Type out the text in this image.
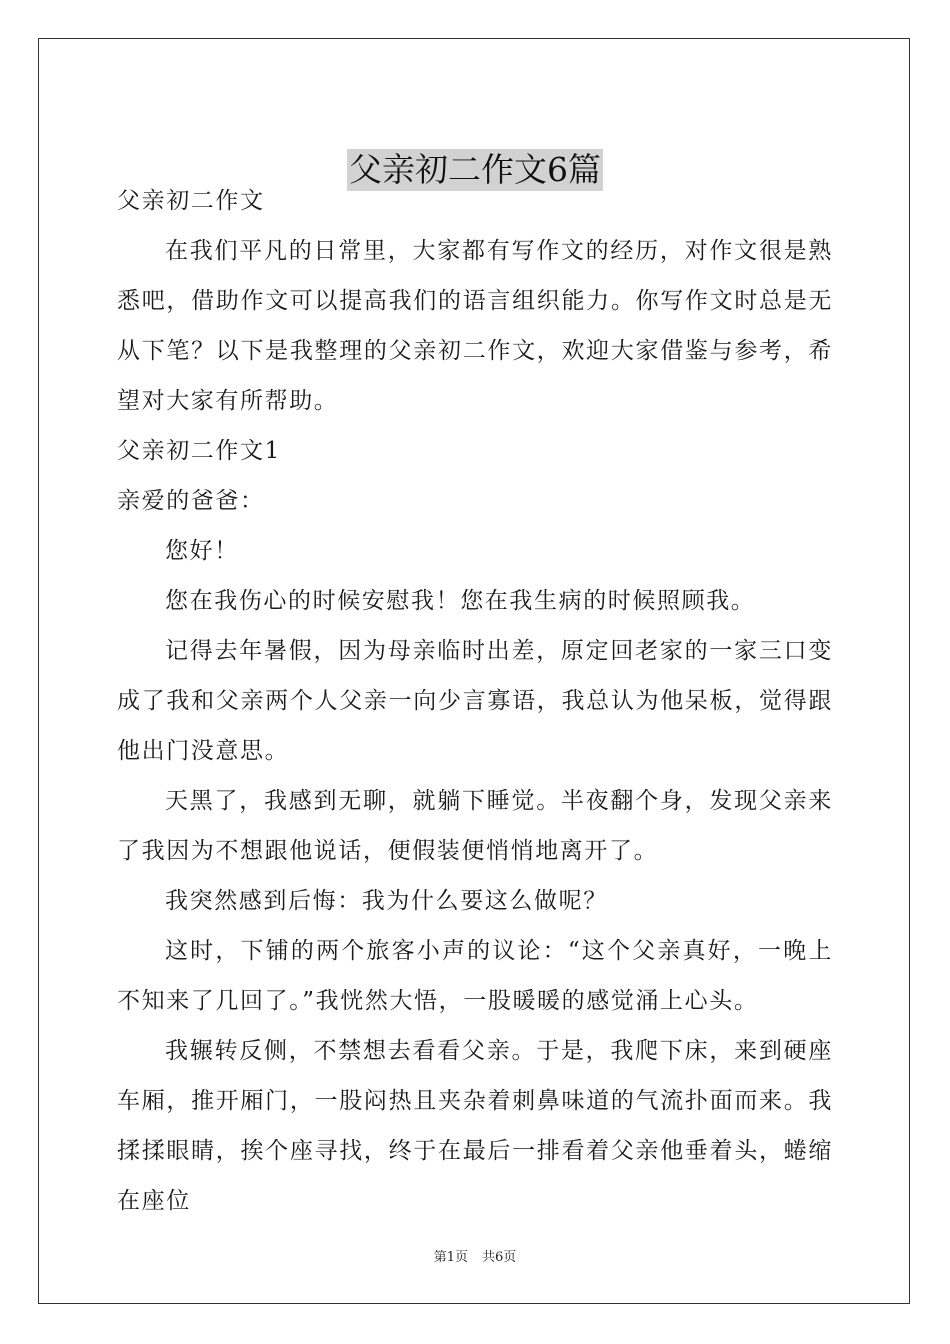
父亲初二作文6篇

父亲初二作文

在我们平凡的日常里，大家都有写作文的经历，对作文很是熟悉吧，借助作文可以提高我们的语言组织能力。你写作文时总是无从下笔？以下是我整理的父亲初二作文，欢迎大家借鉴与参考，希望对大家有所帮助。

父亲初二作文1

亲爱的爸爸：

您好！

您在我伤心的时候安慰我！您在我生病的时候照顾我。

记得去年暑假，因为母亲临时出差，原定回老家的一家三口变成了我和父亲两个人父亲一向少言寡语，我总认为他呆板，觉得跟他出门没意思。

天黑了，我感到无聊，就躺下睡觉。半夜翻个身，发现父亲来了我因为不想跟他说话，便假装便悄悄地离开了。

我突然感到后悔：我为什么要这么做呢？

这时，下铺的两个旅客小声的议论：“这个父亲真好，一晚上不知来了几回了。”我恍然大悟，一股暖暖的感觉涌上心头。

我辗转反侧，不禁想去看看父亲。于是，我爬下床，来到硬座车厢，推开厢门，一股闷热且夹杂着刺鼻味道的气流扑面而来。我揉揉眼睛，挨个座寻找，终于在最后一排看着父亲他垂着头，蜷缩在座位

第1页 共6页
